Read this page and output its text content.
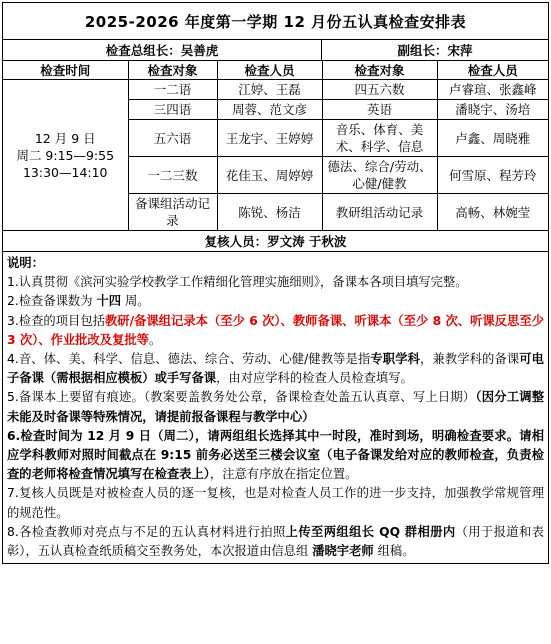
2025-2026 年度第一学期 12 月份五认真检查安排表
检查总组长：吴善虎	副组长：宋萍
检查时间	检查对象	检查人员	检查对象	检查人员

12 月 9 日
周二 9:15—9:55
13:30—14:10	一二语	江婷、王磊	四五六数	卢睿瑄、张鑫峰
	三四语	周蓉、范文彦	英语	潘晓宇、汤培
	五六语	王龙宇、王婷婷	音乐、体育、美术、科学、信息	卢鑫、周晓雅
	一二三数	花佳玉、周婷婷	德法、综合/劳动、心健/健教	何雪原、程芳玲
	备课组活动记录	陈锐、杨洁	教研组活动记录	高畅、林婉莹
复核人员：罗文涛 于秋波

说明：

1.认真贯彻《滨河实验学校教学工作精细化管理实施细则》，备课本各项目填写完整。

2.检查备课数为 十四 周。

3.检查的项目包括教研/备课组记录本（至少 6 次）、教师备课、听课本（至少 8 次、听课反思至少 3 次）、作业批改及复批等。

4.音、体、美、科学、信息、德法、综合、劳动、心健/健教等是指专职学科，兼教学科的备课可电子备课（需根据相应模板）或手写备课，由对应学科的检查人员检查填写。

5.备课本上要留有痕迹。（教案要盖教务处公章，备课检查处盖五认真章、写上日期）（因分工调整未能及时备课等特殊情况，请提前报备课程与教学中心）

6.检查时间为 12 月 9 日（周二），请两组组长选择其中一时段，准时到场，明确检查要求。请相应学科教师对照时间截点在 9:15 前务必送至三楼会议室（电子备课发给对应的教师检查，负责检查的老师将检查情况填写在检查表上），注意有序放在指定位置。

7.复核人员既是对被检查人员的逐一复核，也是对检查人员工作的进一步支持，加强教学常规管理的规范性。

8.各检查教师对亮点与不足的五认真材料进行拍照上传至两组组长 QQ 群相册内（用于报道和表彰），五认真检查纸质稿交至教务处，本次报道由信息组 潘晓宇老师 组稿。
